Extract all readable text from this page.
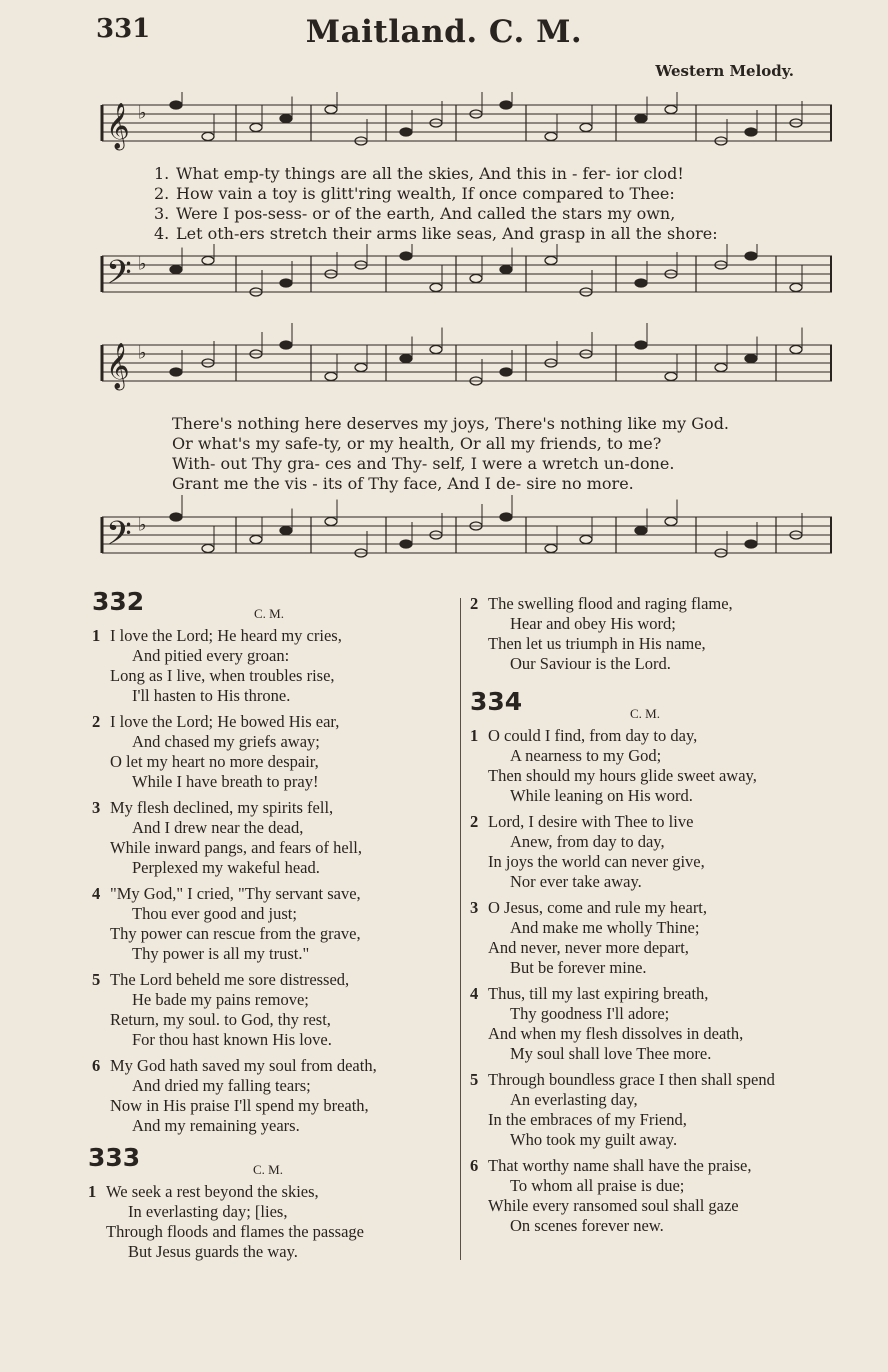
331	Maitland. C. M.
Western Melody.
𝄞 ♭
1. What emp-ty things are all the skies, And this in - fer- ior clod!
2. How vain a toy is glitt'ring wealth, If once compared to Thee:
3. Were I pos-sess- or of the earth, And called the stars my own,
4. Let oth-ers stretch their arms like seas, And grasp in all the shore:
𝄢 ♭
𝄞 ♭
There's nothing here deserves my joys, There's nothing like my God.
Or what's my safe-ty, or my health, Or all my friends, to me?
With- out Thy gra- ces and Thy- self, I were a wretch un-done.
Grant me the vis - its of Thy face, And I de- sire no more.
𝄢 ♭
332	C. M.
1 I love the Lord; He heard my cries,
And pitied every groan:
Long as I live, when troubles rise,
I'll hasten to His throne.
2 I love the Lord; He bowed His ear,
And chased my griefs away;
O let my heart no more despair,
While I have breath to pray!
3 My flesh declined, my spirits fell,
And I drew near the dead,
While inward pangs, and fears of hell,
Perplexed my wakeful head.
4 "My God," I cried, "Thy servant save,
Thou ever good and just;
Thy power can rescue from the grave,
Thy power is all my trust."
5 The Lord beheld me sore distressed,
He bade my pains remove;
Return, my soul. to God, thy rest,
For thou hast known His love.
6 My God hath saved my soul from death,
And dried my falling tears;
Now in His praise I'll spend my breath,
And my remaining years.
333	C. M.
1 We seek a rest beyond the skies,
In everlasting day; [lies,
Through floods and flames the passage
But Jesus guards the way.
2 The swelling flood and raging flame,
Hear and obey His word;
Then let us triumph in His name,
Our Saviour is the Lord.
334	C. M.
1 O could I find, from day to day,
A nearness to my God;
Then should my hours glide sweet away,
While leaning on His word.
2 Lord, I desire with Thee to live
Anew, from day to day,
In joys the world can never give,
Nor ever take away.
3 O Jesus, come and rule my heart,
And make me wholly Thine;
And never, never more depart,
But be forever mine.
4 Thus, till my last expiring breath,
Thy goodness I'll adore;
And when my flesh dissolves in death,
My soul shall love Thee more.
5 Through boundless grace I then shall spend
An everlasting day,
In the embraces of my Friend,
Who took my guilt away.
6 That worthy name shall have the praise,
To whom all praise is due;
While every ransomed soul shall gaze
On scenes forever new.
